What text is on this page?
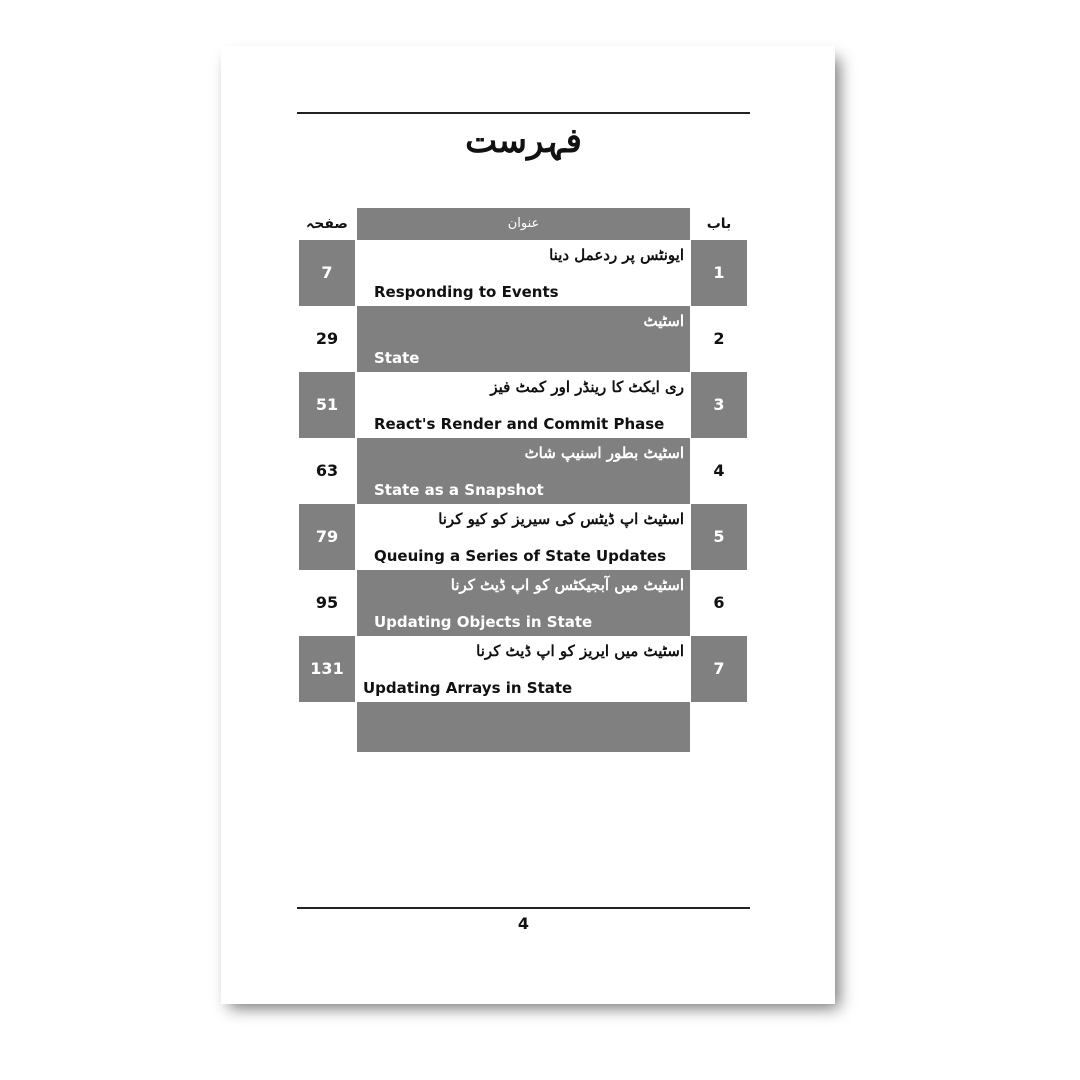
فہرست
صفحہ	عنوان	باب
7
ایونٹس پر ردعمل دینا
Responding to Events
1
29
اسٹیٹ
State
2
51
ری ایکٹ کا رینڈر اور کمٹ فیز
React's Render and Commit Phase
3
63
اسٹیٹ بطور اسنیپ شاٹ
State as a Snapshot
4
79
اسٹیٹ اپ ڈیٹس کی سیریز کو کیو کرنا
Queuing a Series of State Updates
5
95
اسٹیٹ میں آبجیکٹس کو اپ ڈیٹ کرنا
Updating Objects in State
6
131
اسٹیٹ میں ایریز کو اپ ڈیٹ کرنا
Updating Arrays in State
7
4
